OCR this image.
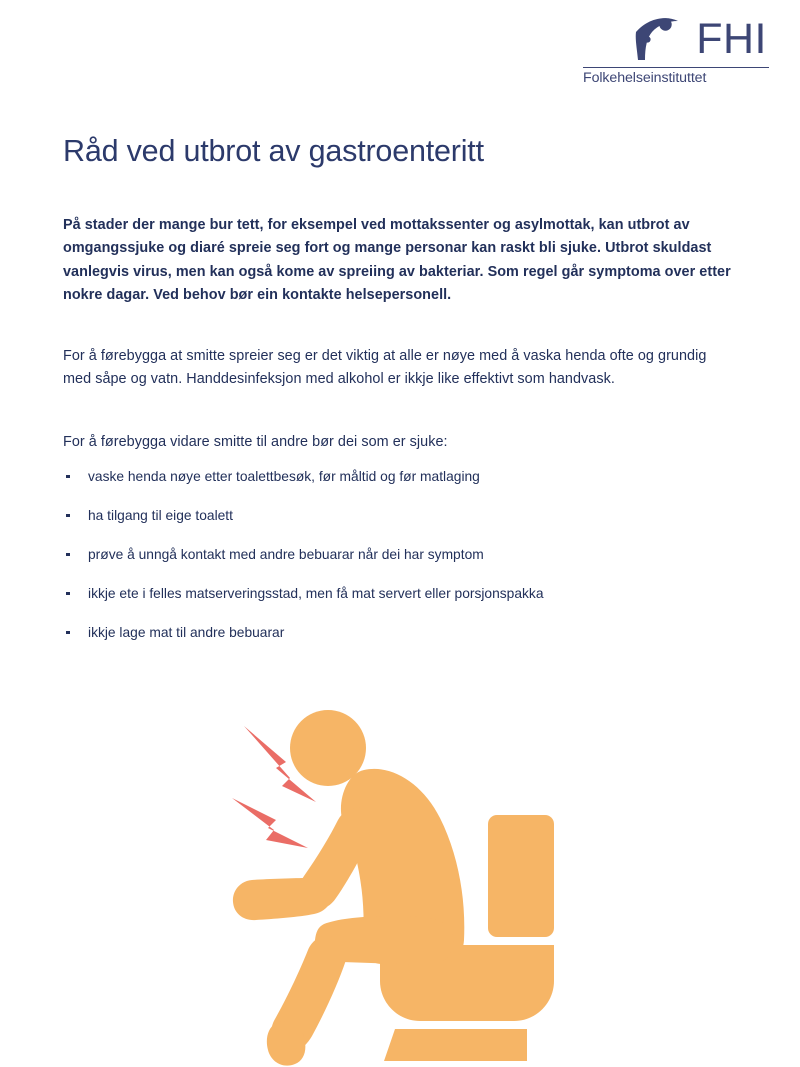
FHI
Folkehelseinstituttet
Råd ved utbrot av gastroenteritt

På stader der mange bur tett, for eksempel ved mottakssenter og asylmottak, kan utbrot av omgangssjuke og diaré spreie seg fort og mange personar kan raskt bli sjuke. Utbrot skuldast vanlegvis virus, men kan også kome av spreiing av bakteriar. Som regel går symptoma over etter nokre dagar. Ved behov bør ein kontakte helsepersonell.

For å førebygga at smitte spreier seg er det viktig at alle er nøye med å vaska henda ofte og grundig med såpe og vatn. Handdesinfeksjon med alkohol er ikkje like effektivt som handvask.

For å førebygga vidare smitte til andre bør dei som er sjuke:

vaske henda nøye etter toalettbesøk, før måltid og før matlaging
ha tilgang til eige toalett
prøve å unngå kontakt med andre bebuarar når dei har symptom
ikkje ete i felles matserveringsstad, men få mat servert eller porsjonspakka
ikkje lage mat til andre bebuarar
